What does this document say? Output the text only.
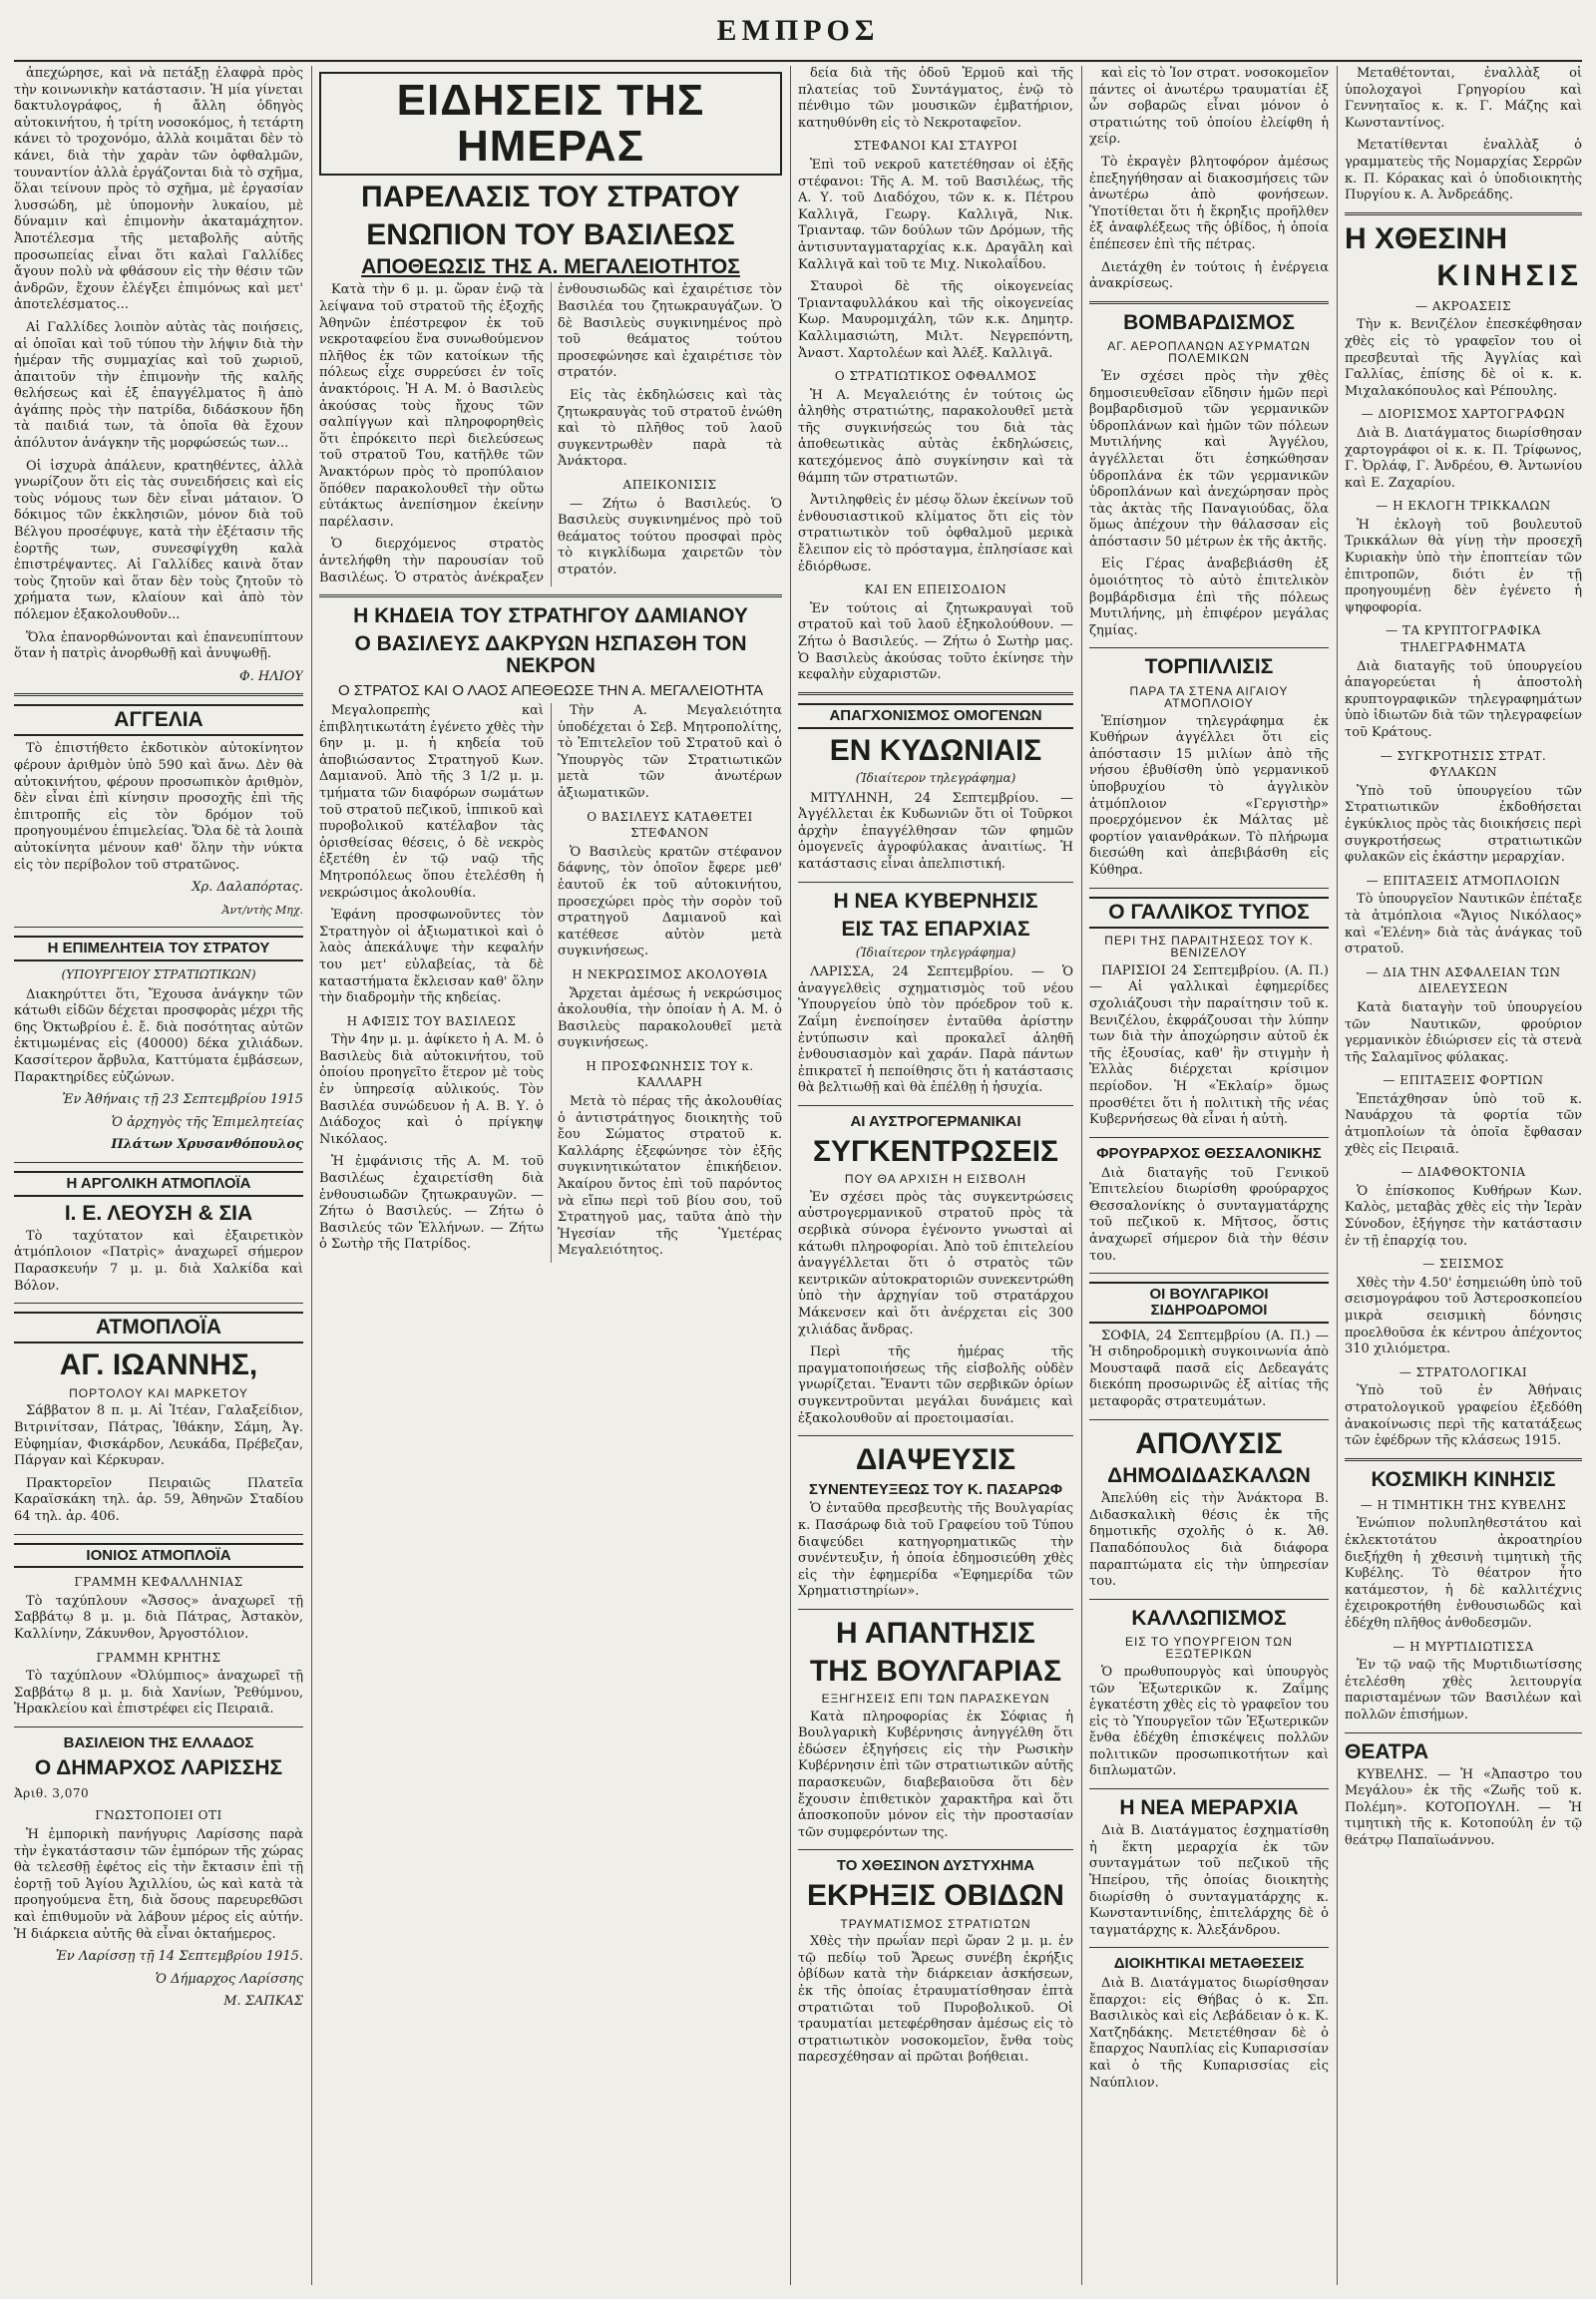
ΕΜΠΡΟΣ

ἀπεχώρησε, καὶ νὰ πετάξῃ ἐλαφρὰ πρὸς τὴν κοινωνικὴν κατάστασιν. Ἡ μία γίνεται δακτυλογράφος, ἡ ἄλλη ὁδηγὸς αὐτοκινήτου, ἡ τρίτη νοσοκόμος, ἡ τετάρτη κάνει τὸ τροχονόμο, ἀλλὰ κοιμᾶται δὲν τὸ κάνει, διὰ τὴν χαρὰν τῶν ὀφθαλμῶν, τουναντίον ἀλλὰ ἐργάζονται διὰ τὸ σχῆμα, ὅλαι τείνουν πρὸς τὸ σχῆμα, μὲ ἐργασίαν λυσσώδη, μὲ ὑπομονὴν λυκαίου, μὲ δύναμιν καὶ ἐπιμονὴν ἀκαταμάχητον. Ἀποτέλεσμα τῆς μεταβολῆς αὐτῆς προσωπείας εἶναι ὅτι καλαὶ Γαλλίδες ἄγουν πολὺ νὰ φθάσουν εἰς τὴν θέσιν τῶν ἀνδρῶν, ἔχουν ἐλέγξει ἐπιμόνως καὶ μετ' ἀποτελέσματος...

Αἱ Γαλλίδες λοιπὸν αὐτὰς τὰς ποιήσεις, αἱ ὁποῖαι καὶ τοῦ τύπου τὴν λήψιν διὰ τὴν ἡμέραν τῆς συμμαχίας καὶ τοῦ χωριοῦ, ἀπαιτοῦν τὴν ἐπιμονὴν τῆς καλῆς θελήσεως καὶ ἐξ ἐπαγγέλματος ἢ ἀπὸ ἀγάπης πρὸς τὴν πατρίδα, διδάσκουν ἤδη τὰ παιδιά των, τὰ ὁποῖα θὰ ἔχουν ἀπόλυτον ἀνάγκην τῆς μορφώσεώς των...

Οἱ ἰσχυρὰ ἀπάλευν, κρατηθέντες, ἀλλὰ γνωρίζουν ὅτι εἰς τὰς συνειδήσεις καὶ εἰς τοὺς νόμους των δὲν εἶναι μάταιον. Ὁ δόκιμος τῶν ἐκκλησιῶν, μόνον διὰ τοῦ Βέλγου προσέφυγε, κατὰ τὴν ἐξέτασιν τῆς ἑορτῆς των, συνεσφίγχθη καλὰ ἐπιστρέψαντες. Αἱ Γαλλίδες καινὰ ὅταν τοὺς ζητοῦν καὶ ὅταν δὲν τοὺς ζητοῦν τὸ χρήματα των, κλαίουν καὶ ἀπὸ τὸν πόλεμον ἐξακολουθοῦν...

Ὅλα ἐπανορθώνονται καὶ ἐπανευπίπτουν ὅταν ἡ πατρὶς ἀνορθωθῇ καὶ ἀνυψωθῇ.

Φ. ΗΛΙΟΥ
ΑΓΓΕΛΙΑ

Τὸ ἐπιστήθετο ἐκδοτικὸν αὐτοκίνητον φέρουν ἀριθμὸν ὑπὸ 590 καὶ ἄνω. Δὲν θὰ αὐτοκινήτου, φέρουν προσωπικὸν ἀριθμὸν, δὲν εἶναι ἐπὶ κίνησιν προσοχῆς ἐπὶ τῆς ἐπιτροπῆς εἰς τὸν δρόμον τοῦ προηγουμένου ἐπιμελείας. Ὅλα δὲ τὰ λοιπὰ αὐτοκίνητα μένουν καθ' ὅλην τὴν νύκτα εἰς τὸν περίβολον τοῦ στρατῶνος.

Χρ. Δαλαπόρτας.
Ἀντ/ντὴς Μηχ.
Η ΕΠΙΜΕΛΗΤΕΙΑ ΤΟΥ ΣΤΡΑΤΟΥ
(ΥΠΟΥΡΓΕΙΟΥ ΣΤΡΑΤΙΩΤΙΚΩΝ)

Διακηρύττει ὅτι, Ἔχουσα ἀνάγκην τῶν κάτωθι εἰδῶν δέχεται προσφορὰς μέχρι τῆς 6ης Ὀκτωβρίου ἐ. ἔ. διὰ ποσότητας αὐτῶν ἐκτιμωμένας εἰς (40000) δέκα χιλιάδων. Κασσίτερον ἄρβυλα, Καττύματα ἐμβάσεων, Παρακτηρίδες εὐζώνων.

Ἐν Ἀθήναις τῇ 23 Σεπτεμβρίου 1915
Ὁ ἀρχηγὸς τῆς Ἐπιμελητείας
Πλάτων Χρυσανθόπουλος
Η ΑΡΓΟΛΙΚΗ ΑΤΜΟΠΛΟΪΑ
Ι. Ε. ΛΕΟΥΣΗ & ΣΙΑ

Τὸ ταχύτατον καὶ ἐξαιρετικὸν ἀτμόπλοιον «Πατρὶς» ἀναχωρεῖ σήμερον Παρασκευήν 7 μ. μ. διὰ Χαλκίδα καὶ Βόλον.

ΑΤΜΟΠΛΟΪΑ
ΑΓ. ΙΩΑΝΝΗΣ,
ΠΟΡΤΟΛΟΥ ΚΑΙ ΜΑΡΚΕΤΟΥ

Σάββατον 8 π. μ. Αἰ Ἰτέαν, Γαλαξείδιον, Βιτρινίτσαν, Πάτρας, Ἰθάκην, Σάμη, Ἀγ. Εὐφημίαν, Φισκάρδον, Λευκάδα, Πρέβεζαν, Πάργαν καὶ Κέρκυραν.

Πρακτορεῖον Πειραιῶς Πλατεῖα Καραϊσκάκη τηλ. ἀρ. 59, Ἀθηνῶν Σταδίου 64 τηλ. ἀρ. 406.

ΙΟΝΙΟΣ ΑΤΜΟΠΛΟΪΑ
ΓΡΑΜΜΗ ΚΕΦΑΛΛΗΝΙΑΣ

Τὸ ταχύπλουν «Ἄσσος» ἀναχωρεῖ τῇ Σαββάτῳ 8 μ. μ. διὰ Πάτρας, Ἀστακὸν, Καλλίνην, Ζάκυνθον, Ἀργοστόλιον.

ΓΡΑΜΜΗ ΚΡΗΤΗΣ

Τὸ ταχύπλουν «Ὀλύμπιος» ἀναχωρεῖ τῇ Σαββάτῳ 8 μ. μ. διὰ Χανίων, Ῥεθύμνου, Ἡρακλείου καὶ ἐπιστρέφει εἰς Πειραιᾶ.

ΒΑΣΙΛΕΙΟΝ ΤΗΣ ΕΛΛΑΔΟΣ
Ο ΔΗΜΑΡΧΟΣ ΛΑΡΙΣΣΗΣ
Ἀριθ. 3,070
ΓΝΩΣΤΟΠΟΙΕΙ ΟΤΙ

Ἡ ἐμπορικὴ πανήγυρις Λαρίσσης παρὰ τὴν ἐγκατάστασιν τῶν ἐμπόρων τῆς χώρας θὰ τελεσθῇ ἐφέτος εἰς τὴν ἔκτασιν ἐπὶ τῇ ἑορτῇ τοῦ Ἁγίου Ἀχιλλίου, ὡς καὶ κατὰ τὰ προηγούμενα ἔτη, διὰ ὅσους παρευρεθῶσι καὶ ἐπιθυμοῦν νὰ λάβουν μέρος εἰς αὐτήν. Ἡ διάρκεια αὐτῆς θὰ εἶναι ὀκταήμερος.

Ἐν Λαρίσσῃ τῇ 14 Σεπτεμβρίου 1915.
Ὁ Δήμαρχος Λαρίσσης
Μ. ΣΑΠΚΑΣ
ΕΙΔΗΣΕΙΣ ΤΗΣ ΗΜΕΡΑΣ
ΠΑΡΕΛΑΣΙΣ ΤΟΥ ΣΤΡΑΤΟΥ
ΕΝΩΠΙΟΝ ΤΟΥ ΒΑΣΙΛΕΩΣ
ΑΠΟΘΕΩΣΙΣ ΤΗΣ Α. ΜΕΓΑΛΕΙΟΤΗΤΟΣ

Κατὰ τὴν 6 μ. μ. ὥραν ἐνῷ τὰ λείψανα τοῦ στρατοῦ τῆς ἐξοχῆς Ἀθηνῶν ἐπέστρεφον ἐκ τοῦ νεκροταφείου ἕνα συνωθούμενον πλῆθος ἐκ τῶν κατοίκων τῆς πόλεως εἶχε συρρεύσει ἐν τοῖς ἀνακτόροις. Ἡ Α. Μ. ὁ Βασιλεὺς ἀκούσας τοὺς ἤχους τῶν σαλπίγγων καὶ πληροφορηθεὶς ὅτι ἐπρόκειτο περὶ διελεύσεως τοῦ στρατοῦ Του, κατῆλθε τῶν Ἀνακτόρων πρὸς τὸ προπύλαιον ὅπόθεν παρακολουθεῖ τὴν οὕτω εὐτάκτως ἀνεπίσημον ἐκείνην παρέλασιν.

Ὁ διερχόμενος στρατὸς ἀντελήφθη τὴν παρουσίαν τοῦ Βασιλέως. Ὁ στρατὸς ἀνέκραξεν ἐνθουσιωδῶς καὶ ἐχαιρέτισε τὸν Βασιλέα του ζητωκραυγάζων. Ὁ δὲ Βασιλεὺς συγκινημένος πρὸ τοῦ θεάματος τούτου προσεφώνησε καὶ ἐχαιρέτισε τὸν στρατόν.

Εἰς τὰς ἐκδηλώσεις καὶ τὰς ζητωκραυγὰς τοῦ στρατοῦ ἐνώθη καὶ τὸ πλῆθος τοῦ λαοῦ συγκεντρωθὲν παρὰ τὰ Ἀνάκτορα.

ΑΠΕΙΚΟΝΙΣΙΣ

— Ζήτω ὁ Βασιλεύς. Ὁ Βασιλεὺς συγκινημένος πρὸ τοῦ θεάματος τούτου προσφαὶ πρὸς τὸ κιγκλίδωμα χαιρετῶν τὸν στρατόν.

Η ΚΗΔΕΙΑ ΤΟΥ ΣΤΡΑΤΗΓΟΥ ΔΑΜΙΑΝΟΥ
Ο ΒΑΣΙΛΕΥΣ ΔΑΚΡΥΩΝ ΗΣΠΑΣΘΗ ΤΟΝ ΝΕΚΡΟΝ
Ο ΣΤΡΑΤΟΣ ΚΑΙ Ο ΛΑΟΣ ΑΠΕΘΕΩΣΕ ΤΗΝ Α. ΜΕΓΑΛΕΙΟΤΗΤΑ

Μεγαλοπρεπὴς καὶ ἐπιβλητικωτάτη ἐγένετο χθὲς τὴν 6ην μ. μ. ἡ κηδεία τοῦ ἀποβιώσαντος Στρατηγοῦ Κων. Δαμιανοῦ. Ἀπὸ τῆς 3 1/2 μ. μ. τμήματα τῶν διαφόρων σωμάτων τοῦ στρατοῦ πεζικοῦ, ἱππικοῦ καὶ πυροβολικοῦ κατέλαβον τὰς ὁρισθείσας θέσεις, ὁ δὲ νεκρὸς ἐξετέθη ἐν τῷ ναῷ τῆς Μητροπόλεως ὅπου ἐτελέσθη ἡ νεκρώσιμος ἀκολουθία.

Ἐφάνη προσφωνοῦντες τὸν Στρατηγὸν οἱ ἀξιωματικοὶ καὶ ὁ λαὸς ἀπεκάλυψε τὴν κεφαλήν του μετ' εὐλαβείας, τὰ δὲ καταστήματα ἔκλεισαν καθ' ὅλην τὴν διαδρομὴν τῆς κηδείας.

Η ΑΦΙΞΙΣ ΤΟΥ ΒΑΣΙΛΕΩΣ

Τὴν 4ην μ. μ. ἀφίκετο ἡ Α. Μ. ὁ Βασιλεὺς διὰ αὐτοκινήτου, τοῦ ὁποίου προηγεῖτο ἕτερον μὲ τοὺς ἐν ὑπηρεσίᾳ αὐλικούς. Τὸν Βασιλέα συνώδευον ἡ Α. Β. Υ. ὁ Διάδοχος καὶ ὁ πρίγκηψ Νικόλαος.

Ἡ ἐμφάνισις τῆς Α. Μ. τοῦ Βασιλέως ἐχαιρετίσθη διὰ ἐνθουσιωδῶν ζητωκραυγῶν. — Ζήτω ὁ Βασιλεύς. — Ζήτω ὁ Βασιλεύς τῶν Ἑλλήνων. — Ζήτω ὁ Σωτὴρ τῆς Πατρίδος.

Τὴν Α. Μεγαλειότητα ὑποδέχεται ὁ Σεβ. Μητροπολίτης, τὸ Ἐπιτελεῖον τοῦ Στρατοῦ καὶ ὁ Ὑπουργὸς τῶν Στρατιωτικῶν μετὰ τῶν ἀνωτέρων ἀξιωματικῶν.

Ο ΒΑΣΙΛΕΥΣ ΚΑΤΑΘΕΤΕΙ ΣΤΕΦΑΝΟΝ

Ὁ Βασιλεὺς κρατῶν στέφανον δάφνης, τὸν ὁποῖον ἔφερε μεθ' ἑαυτοῦ ἐκ τοῦ αὐτοκινήτου, προσεχώρει πρὸς τὴν σορὸν τοῦ στρατηγοῦ Δαμιανοῦ καὶ κατέθεσε αὐτὸν μετὰ συγκινήσεως.

Η ΝΕΚΡΩΣΙΜΟΣ ΑΚΟΛΟΥΘΙΑ

Ἄρχεται ἀμέσως ἡ νεκρώσιμος ἀκολουθία, τὴν ὁποίαν ἡ Α. Μ. ὁ Βασιλεὺς παρακολουθεῖ μετὰ συγκινήσεως.

Η ΠΡΟΣΦΩΝΗΣΙΣ ΤΟΥ κ. ΚΑΛΛΑΡΗ

Μετὰ τὸ πέρας τῆς ἀκολουθίας ὁ ἀντιστράτηγος διοικητὴς τοῦ ἔου Σώματος στρατοῦ κ. Καλλάρης ἐξεφώνησε τὸν ἐξῆς συγκινητικώτατον ἐπικήδειον. Ἀκαίρου ὄντος ἐπὶ τοῦ παρόντος νὰ εἴπω περὶ τοῦ βίου σου, τοῦ Στρατηγοῦ μας, ταῦτα ἀπὸ τὴν Ἡγεσίαν τῆς Ὑμετέρας Μεγαλειότητος.

δεία διὰ τῆς ὁδοῦ Ἑρμοῦ καὶ τῆς πλατείας τοῦ Συντάγματος, ἐνῷ τὸ πένθιμο τῶν μουσικῶν ἐμβατήριον, κατηυθύνθη εἰς τὸ Νεκροταφεῖον.

ΣΤΕΦΑΝΟΙ ΚΑΙ ΣΤΑΥΡΟΙ

Ἐπὶ τοῦ νεκροῦ κατετέθησαν οἱ ἐξῆς στέφανοι: Τῆς Α. Μ. τοῦ Βασιλέως, τῆς Α. Υ. τοῦ Διαδόχου, τῶν κ. κ. Πέτρου Καλλιγᾶ, Γεωργ. Καλλιγᾶ, Νικ. Τριανταφ. τῶν δούλων τῶν Δρόμων, τῆς ἀντισυνταγματαρχίας κ.κ. Δραγᾶλη καὶ Καλλιγᾶ καὶ τοῦ τε Μιχ. Νικολαΐδου.

Σταυροὶ δὲ τῆς οἰκογενείας Τριανταφυλλάκου καὶ τῆς οἰκογενείας Κωρ. Μαυρομιχάλη, τῶν κ.κ. Δημητρ. Καλλιμασιώτη, Μιλτ. Νεγρεπόντη, Ἀναστ. Χαρτολέων καὶ Ἀλέξ. Καλλιγᾶ.

Ο ΣΤΡΑΤΙΩΤΙΚΟΣ ΟΦΘΑΛΜΟΣ

Ἡ Α. Μεγαλειότης ἐν τούτοις ὡς ἀληθὴς στρατιώτης, παρακολουθεῖ μετὰ τῆς συγκινήσεώς του διὰ τὰς ἀποθεωτικὰς αὐτὰς ἐκδηλώσεις, κατεχόμενος ἀπὸ συγκίνησιν καὶ τὰ θάμπη τῶν στρατιωτῶν.

Ἀντιληφθεὶς ἐν μέσῳ ὅλων ἐκείνων τοῦ ἐνθουσιαστικοῦ κλίματος ὅτι εἰς τὸν στρατιωτικὸν τοῦ ὀφθαλμοῦ μερικὰ ἔλειπον εἰς τὸ πρόσταγμα, ἐπλησίασε καὶ ἐδιόρθωσε.

ΚΑΙ ΕΝ ΕΠΕΙΣΟΔΙΟΝ

Ἐν τούτοις αἱ ζητωκραυγαὶ τοῦ στρατοῦ καὶ τοῦ λαοῦ ἐξηκολούθουν. — Ζήτω ὁ Βασιλεύς. — Ζήτω ὁ Σωτὴρ μας. Ὁ Βασιλεὺς ἀκούσας τοῦτο ἐκίνησε τὴν κεφαλὴν εὐχαριστῶν.

ΑΠΑΓΧΟΝΙΣΜΟΣ ΟΜΟΓΕΝΩΝ
ΕΝ ΚΥΔΩΝΙΑΙΣ
(Ἰδιαίτερον τηλεγράφημα)

ΜΙΤΥΛΗΝΗ, 24 Σεπτεμβρίου. — Ἀγγέλλεται ἐκ Κυδωνιῶν ὅτι οἱ Τοῦρκοι ἀρχὴν ἐπαγγέλθησαν τῶν φημῶν ὁμογενεῖς ἀγροφύλακας ἀναιτίως. Ἡ κατάστασις εἶναι ἀπελπιστική.

Η ΝΕΑ ΚΥΒΕΡΝΗΣΙΣ
ΕΙΣ ΤΑΣ ΕΠΑΡΧΙΑΣ
(Ἰδιαίτερον τηλεγράφημα)

ΛΑΡΙΣΣΑ, 24 Σεπτεμβρίου. — Ὁ ἀναγγελθεὶς σχηματισμὸς τοῦ νέου Ὑπουργείου ὑπὸ τὸν πρόεδρον τοῦ κ. Ζαΐμη ἐνεποίησεν ἐνταῦθα ἀρίστην ἐντύπωσιν καὶ προκαλεῖ ἀληθῆ ἐνθουσιασμὸν καὶ χαράν. Παρὰ πάντων ἐπικρατεῖ ἡ πεποίθησις ὅτι ἡ κατάστασις θὰ βελτιωθῇ καὶ θὰ ἐπέλθῃ ἡ ἡσυχία.

ΑΙ ΑΥΣΤΡΟΓΕΡΜΑΝΙΚΑΙ
ΣΥΓΚΕΝΤΡΩΣΕΙΣ
ΠΟΥ ΘΑ ΑΡΧΙΣΗ Η ΕΙΣΒΟΛΗ

Ἐν σχέσει πρὸς τὰς συγκεντρώσεις αὐστρογερμανικοῦ στρατοῦ πρὸς τὰ σερβικὰ σύνορα ἐγένοντο γνωσταὶ αἱ κάτωθι πληροφορίαι. Ἀπὸ τοῦ ἐπιτελείου ἀναγγέλλεται ὅτι ὁ στρατὸς τῶν κεντρικῶν αὐτοκρατοριῶν συνεκεντρώθη ὑπὸ τὴν ἀρχηγίαν τοῦ στρατάρχου Μάκενσεν καὶ ὅτι ἀνέρχεται εἰς 300 χιλιάδας ἄνδρας.

Περὶ τῆς ἡμέρας τῆς πραγματοποιήσεως τῆς εἰσβολῆς οὐδὲν γνωρίζεται. Ἔναντι τῶν σερβικῶν ὁρίων συγκεντροῦνται μεγάλαι δυνάμεις καὶ ἐξακολουθοῦν αἱ προετοιμασίαι.

ΔΙΑΨΕΥΣΙΣ
ΣΥΝΕΝΤΕΥΞΕΩΣ ΤΟΥ Κ. ΠΑΣΑΡΩΦ

Ὁ ἐνταῦθα πρεσβευτὴς τῆς Βουλγαρίας κ. Πασάρωφ διὰ τοῦ Γραφείου τοῦ Τύπου διαψεύδει κατηγορηματικῶς τὴν συνέντευξιν, ἡ ὁποία ἐδημοσιεύθη χθὲς εἰς τὴν ἐφημερίδα «Ἐφημερίδα τῶν Χρηματιστηρίων».

Η ΑΠΑΝΤΗΣΙΣ
ΤΗΣ ΒΟΥΛΓΑΡΙΑΣ
ΕΞΗΓΗΣΕΙΣ ΕΠΙ ΤΩΝ ΠΑΡΑΣΚΕΥΩΝ

Κατὰ πληροφορίας ἐκ Σόφιας ἡ Βουλγαρικὴ Κυβέρνησις ἀνηγγέλθη ὅτι ἐδώσεν ἐξηγήσεις εἰς τὴν Ρωσικὴν Κυβέρνησιν ἐπὶ τῶν στρατιωτικῶν αὐτῆς παρασκευῶν, διαβεβαιοῦσα ὅτι δὲν ἔχουσιν ἐπιθετικὸν χαρακτῆρα καὶ ὅτι ἀποσκοποῦν μόνον εἰς τὴν προστασίαν τῶν συμφερόντων της.

ΤΟ ΧΘΕΣΙΝΟΝ ΔΥΣΤΥΧΗΜΑ
ΕΚΡΗΞΙΣ ΟΒΙΔΩΝ
ΤΡΑΥΜΑΤΙΣΜΟΣ ΣΤΡΑΤΙΩΤΩΝ

Χθὲς τὴν πρωΐαν περὶ ὥραν 2 μ. μ. ἐν τῷ πεδίῳ τοῦ Ἄρεως συνέβη ἐκρήξις ὀβίδων κατὰ τὴν διάρκειαν ἀσκήσεων, ἐκ τῆς ὁποίας ἐτραυματίσθησαν ἐπτὰ στρατιῶται τοῦ Πυροβολικοῦ. Οἱ τραυματίαι μετεφέρθησαν ἀμέσως εἰς τὸ στρατιωτικὸν νοσοκομεῖον, ἔνθα τοὺς παρεσχέθησαν αἱ πρῶται βοήθειαι.

καὶ εἰς τὸ Ἰον στρατ. νοσοκομεῖον πάντες οἱ ἀνωτέρω τραυματίαι ἐξ ὧν σοβαρῶς εἶναι μόνον ὁ στρατιώτης τοῦ ὁποίου ἐλείφθη ἡ χείρ.

Τὸ ἐκραγὲν βλητοφόρον ἀμέσως ἐπεξηγήθησαν αἱ διακοσμήσεις τῶν ἀνωτέρω ἀπὸ φονήσεων. Ὑποτίθεται ὅτι ἡ ἔκρηξις προῆλθεν ἐξ ἀναφλέξεως τῆς ὀβίδος, ἡ ὁποία ἐπέπεσεν ἐπὶ τῆς πέτρας.

Διετάχθη ἐν τούτοις ἡ ἐνέργεια ἀνακρίσεως.

ΒΟΜΒΑΡΔΙΣΜΟΣ
ΑΓ. ΑΕΡΟΠΛΑΝΩΝ ΑΣΥΡΜΑΤΩΝ ΠΟΛΕΜΙΚΩΝ

Ἐν σχέσει πρὸς τὴν χθὲς δημοσιευθεῖσαν εἴδησιν ἡμῶν περὶ βομβαρδισμοῦ τῶν γερμανικῶν ὑδροπλάνων καὶ ἡμῶν τῶν πόλεων Μυτιλήνης καὶ Ἀγγέλου, ἀγγέλλεται ὅτι ἐσηκώθησαν ὑδροπλάνα ἐκ τῶν γερμανικῶν ὑδροπλάνων καὶ ἀνεχώρησαν πρὸς τὰς ἀκτὰς τῆς Παναγιούδας, ὅλα ὅμως ἀπέχουν τὴν θάλασσαν εἰς ἀπόστασιν 50 μέτρων ἐκ τῆς ἀκτῆς.

Εἰς Γέρας ἀναβεβιάσθη ἐξ ὁμοιότητος τὸ αὐτὸ ἐπιτελικὸν βομβάρδισμα ἐπὶ τῆς πόλεως Μυτιλήνης, μὴ ἐπιφέρον μεγάλας ζημίας.

ΤΟΡΠΙΛΛΙΣΙΣ
ΠΑΡΑ ΤΑ ΣΤΕΝΑ ΑΙΓΑΙΟΥ ΑΤΜΟΠΛΟΙΟΥ

Ἐπίσημον τηλεγράφημα ἐκ Κυθήρων ἀγγέλλει ὅτι εἰς ἀπόστασιν 15 μιλίων ἀπὸ τῆς νήσου ἐβυθίσθη ὑπὸ γερμανικοῦ ὑποβρυχίου τὸ ἀγγλικὸν ἀτμόπλοιον «Γεργιστὴρ» προερχόμενον ἐκ Μάλτας μὲ φορτίον γαιανθράκων. Τὸ πλήρωμα διεσώθη καὶ ἀπεβιβάσθη εἰς Κύθηρα.

Ο ΓΑΛΛΙΚΟΣ ΤΥΠΟΣ
ΠΕΡΙ ΤΗΣ ΠΑΡΑΙΤΗΣΕΩΣ ΤΟΥ Κ. ΒΕΝΙΖΕΛΟΥ

ΠΑΡΙΣΙΟΙ 24 Σεπτεμβρίου. (Α. Π.) — Αἱ γαλλικαὶ ἐφημερίδες σχολιάζουσι τὴν παραίτησιν τοῦ κ. Βενιζέλου, ἐκφράζουσαι τὴν λύπην των διὰ τὴν ἀποχώρησιν αὐτοῦ ἐκ τῆς ἐξουσίας, καθ' ἣν στιγμὴν ἡ Ἑλλὰς διέρχεται κρίσιμον περίοδον. Ἡ «Ἐκλαίρ» ὅμως προσθέτει ὅτι ἡ πολιτικὴ τῆς νέας Κυβερνήσεως θὰ εἶναι ἡ αὐτὴ.

ΦΡΟΥΡΑΡΧΟΣ ΘΕΣΣΑΛΟΝΙΚΗΣ

Διὰ διαταγῆς τοῦ Γενικοῦ Ἐπιτελείου διωρίσθη φρούραρχος Θεσσαλονίκης ὁ συνταγματάρχης τοῦ πεζικοῦ κ. Μῆτσος, ὅστις ἀναχωρεῖ σήμερον διὰ τὴν θέσιν του.

ΟΙ ΒΟΥΛΓΑΡΙΚΟΙ ΣΙΔΗΡΟΔΡΟΜΟΙ

ΣΟΦΙΑ, 24 Σεπτεμβρίου (Α. Π.) — Ἡ σιδηροδρομικὴ συγκοινωνία ἀπὸ Μουσταφᾶ πασᾶ εἰς Δεδεαγάτς διεκόπη προσωρινῶς ἐξ αἰτίας τῆς μεταφορᾶς στρατευμάτων.

ΑΠΟΛΥΣΙΣ
ΔΗΜΟΔΙΔΑΣΚΑΛΩΝ

Ἀπελύθη εἰς τὴν Ἀνάκτορα Β. Διδασκαλικὴ θέσις ἐκ τῆς δημοτικῆς σχολῆς ὁ κ. Ἀθ. Παπαδόπουλος διὰ διάφορα παραπτώματα εἰς τὴν ὑπηρεσίαν του.

ΚΑΛΛΩΠΙΣΜΟΣ
ΕΙΣ ΤΟ ΥΠΟΥΡΓΕΙΟΝ ΤΩΝ ΕΞΩΤΕΡΙΚΩΝ

Ὁ πρωθυπουργὸς καὶ ὑπουργὸς τῶν Ἐξωτερικῶν κ. Ζαΐμης ἐγκατέστη χθὲς εἰς τὸ γραφεῖον του εἰς τὸ Ὑπουργεῖον τῶν Ἐξωτερικῶν ἔνθα ἐδέχθη ἐπισκέψεις πολλῶν πολιτικῶν προσωπικοτήτων καὶ διπλωματῶν.

Η ΝΕΑ ΜΕΡΑΡΧΙΑ

Διὰ Β. Διατάγματος ἐσχηματίσθη ἡ ἕκτη μεραρχία ἐκ τῶν συνταγμάτων τοῦ πεζικοῦ τῆς Ἡπείρου, τῆς ὁποίας διοικητὴς διωρίσθη ὁ συνταγματάρχης κ. Κωνσταντινίδης, ἐπιτελάρχης δὲ ὁ ταγματάρχης κ. Ἀλεξάνδρου.

ΔΙΟΙΚΗΤΙΚΑΙ ΜΕΤΑΘΕΣΕΙΣ

Διὰ Β. Διατάγματος διωρίσθησαν ἔπαρχοι: εἰς Θήβας ὁ κ. Σπ. Βασιλικὸς καὶ εἰς Λεβάδειαν ὁ κ. Κ. Χατζηδάκης. Μετετέθησαν δὲ ὁ ἔπαρχος Ναυπλίας εἰς Κυπαρισσίαν καὶ ὁ τῆς Κυπαρισσίας εἰς Ναύπλιον.

Μεταθέτονται, ἐναλλὰξ οἱ ὑπολοχαγοὶ Γρηγορίου καὶ Γεννηταῖος κ. κ. Γ. Μάζης καὶ Κωνσταντίνος.

Μετατίθενται ἐναλλὰξ ὁ γραμματεὺς τῆς Νομαρχίας Σερρῶν κ. Π. Κόρακας καὶ ὁ ὑποδιοικητὴς Πυργίου κ. Α. Ἀνδρεάδης.

Η ΧΘΕΣΙΝΗ
ΚΙΝΗΣΙΣ
— ΑΚΡΟΑΣΕΙΣ

Τὴν κ. Βενιζέλον ἐπεσκέφθησαν χθὲς εἰς τὸ γραφεῖον του οἱ πρεσβευταὶ τῆς Ἀγγλίας καὶ Γαλλίας, ἐπίσης δὲ οἱ κ. κ. Μιχαλακόπουλος καὶ Ρέπουλης.

— ΔΙΟΡΙΣΜΟΣ ΧΑΡΤΟΓΡΑΦΩΝ

Διὰ Β. Διατάγματος διωρίσθησαν χαρτογράφοι οἱ κ. κ. Π. Τρίφωνος, Γ. Ὀρλάφ, Γ. Ἀνδρέου, Θ. Ἀντωνίου καὶ Ε. Ζαχαρίου.

— Η ΕΚΛΟΓΗ ΤΡΙΚΚΑΛΩΝ

Ἡ ἐκλογὴ τοῦ βουλευτοῦ Τρικκάλων θὰ γίνῃ τὴν προσεχῆ Κυριακὴν ὑπὸ τὴν ἐποπτείαν τῶν ἐπιτροπῶν, διότι ἐν τῇ προηγουμένῃ δὲν ἐγένετο ἡ ψηφοφορία.

— ΤΑ ΚΡΥΠΤΟΓΡΑΦΙΚΑ ΤΗΛΕΓΡΑΦΗΜΑΤΑ

Διὰ διαταγῆς τοῦ ὑπουργείου ἀπαγορεύεται ἡ ἀποστολὴ κρυπτογραφικῶν τηλεγραφημάτων ὑπὸ ἰδιωτῶν διὰ τῶν τηλεγραφείων τοῦ Κράτους.

— ΣΥΓΚΡΟΤΗΣΙΣ ΣΤΡΑΤ. ΦΥΛΑΚΩΝ

Ὑπὸ τοῦ ὑπουργείου τῶν Στρατιωτικῶν ἐκδοθήσεται ἐγκύκλιος πρὸς τὰς διοικήσεις περὶ συγκροτήσεως στρατιωτικῶν φυλακῶν εἰς ἑκάστην μεραρχίαν.

— ΕΠΙΤΑΞΕΙΣ ΑΤΜΟΠΛΟΙΩΝ

Τὸ ὑπουργεῖον Ναυτικῶν ἐπέταξε τὰ ἀτμόπλοια «Ἄγιος Νικόλαος» καὶ «Ἐλένη» διὰ τὰς ἀνάγκας τοῦ στρατοῦ.

— ΔΙΑ ΤΗΝ ΑΣΦΑΛΕΙΑΝ ΤΩΝ ΔΙΕΛΕΥΣΕΩΝ

Κατὰ διαταγὴν τοῦ ὑπουργείου τῶν Ναυτικῶν, φρούριον γερμανικὸν ἐδιώρισεν εἰς τὰ στενὰ τῆς Σαλαμῖνος φύλακας.

— ΕΠΙΤΑΞΕΙΣ ΦΟΡΤΙΩΝ

Ἐπετάχθησαν ὑπὸ τοῦ κ. Ναυάρχου τὰ φορτία τῶν ἀτμοπλοίων τὰ ὁποῖα ἔφθασαν χθὲς εἰς Πειραιᾶ.

— ΔΙΑΦΘΟΚΤΟΝΙΑ

Ὁ ἐπίσκοπος Κυθήρων Κων. Καλὸς, μεταβὰς χθὲς εἰς τὴν Ἱερὰν Σύνοδον, ἐξήγησε τὴν κατάστασιν ἐν τῇ ἐπαρχίᾳ του.

— ΣΕΙΣΜΟΣ

Χθὲς τὴν 4.50' ἐσημειώθη ὑπὸ τοῦ σεισμογράφου τοῦ Ἀστεροσκοπείου μικρὰ σεισμικὴ δόνησις προελθοῦσα ἐκ κέντρου ἀπέχοντος 310 χιλιόμετρα.

— ΣΤΡΑΤΟΛΟΓΙΚΑΙ

Ὑπὸ τοῦ ἐν Ἀθήναις στρατολογικοῦ γραφείου ἐξεδόθη ἀνακοίνωσις περὶ τῆς κατατάξεως τῶν ἐφέδρων τῆς κλάσεως 1915.

ΚΟΣΜΙΚΗ ΚΙΝΗΣΙΣ
— Η ΤΙΜΗΤΙΚΗ ΤΗΣ ΚΥΒΕΛΗΣ

Ἐνώπιον πολυπληθεστάτου καὶ ἐκλεκτοτάτου ἀκροατηρίου διεξήχθη ἡ χθεσινὴ τιμητικὴ τῆς Κυβέλης. Τὸ θέατρον ἦτο κατάμεστον, ἡ δὲ καλλιτέχνις ἐχειροκροτήθη ἐνθουσιωδῶς καὶ ἐδέχθη πλῆθος ἀνθοδεσμῶν.

— Η ΜΥΡΤΙΔΙΩΤΙΣΣΑ

Ἐν τῷ ναῷ τῆς Μυρτιδιωτίσσης ἐτελέσθη χθὲς λειτουργία παρισταμένων τῶν Βασιλέων καὶ πολλῶν ἐπισήμων.

ΘΕΑΤΡΑ

ΚΥΒΕΛΗΣ. — Ἡ «Ἀπαστρο του Μεγάλου» ἐκ τῆς «Ζωῆς τοῦ κ. Πολέμη». ΚΟΤΟΠΟΥΛΗ. — Ἡ τιμητικὴ τῆς κ. Κοτοπούλη ἐν τῷ θεάτρῳ Παπαϊωάννου.
